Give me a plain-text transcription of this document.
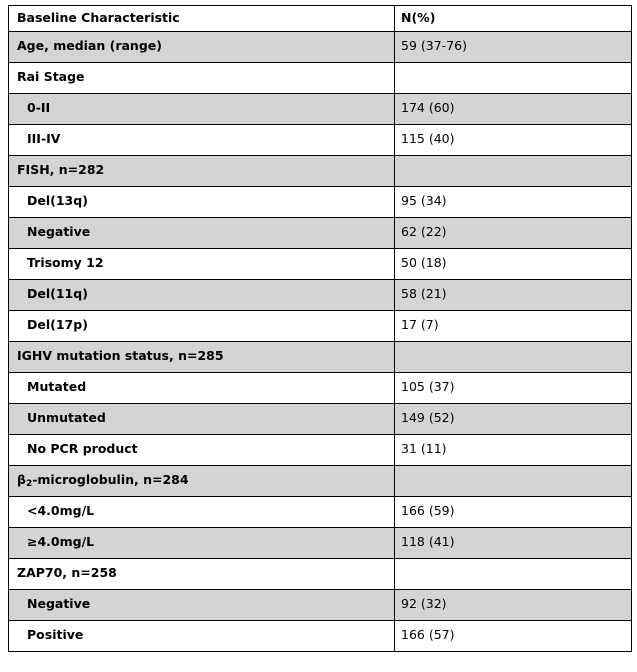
Baseline Characteristic	N(%)
Age, median (range)	59 (37-76)
Rai Stage	
0-II	174 (60)
III-IV	115 (40)
FISH, n=282	
Del(13q)	95 (34)
Negative	62 (22)
Trisomy 12	50 (18)
Del(11q)	58 (21)
Del(17p)	17 (7)
IGHV mutation status, n=285	
Mutated	105 (37)
Unmutated	149 (52)
No PCR product	31 (11)
$\beta_2$-microglobulin, n=284	
<4.0mg/L	166 (59)
≥4.0mg/L	118 (41)
ZAP70, n=258	
Negative	92 (32)
Positive	166 (57)
